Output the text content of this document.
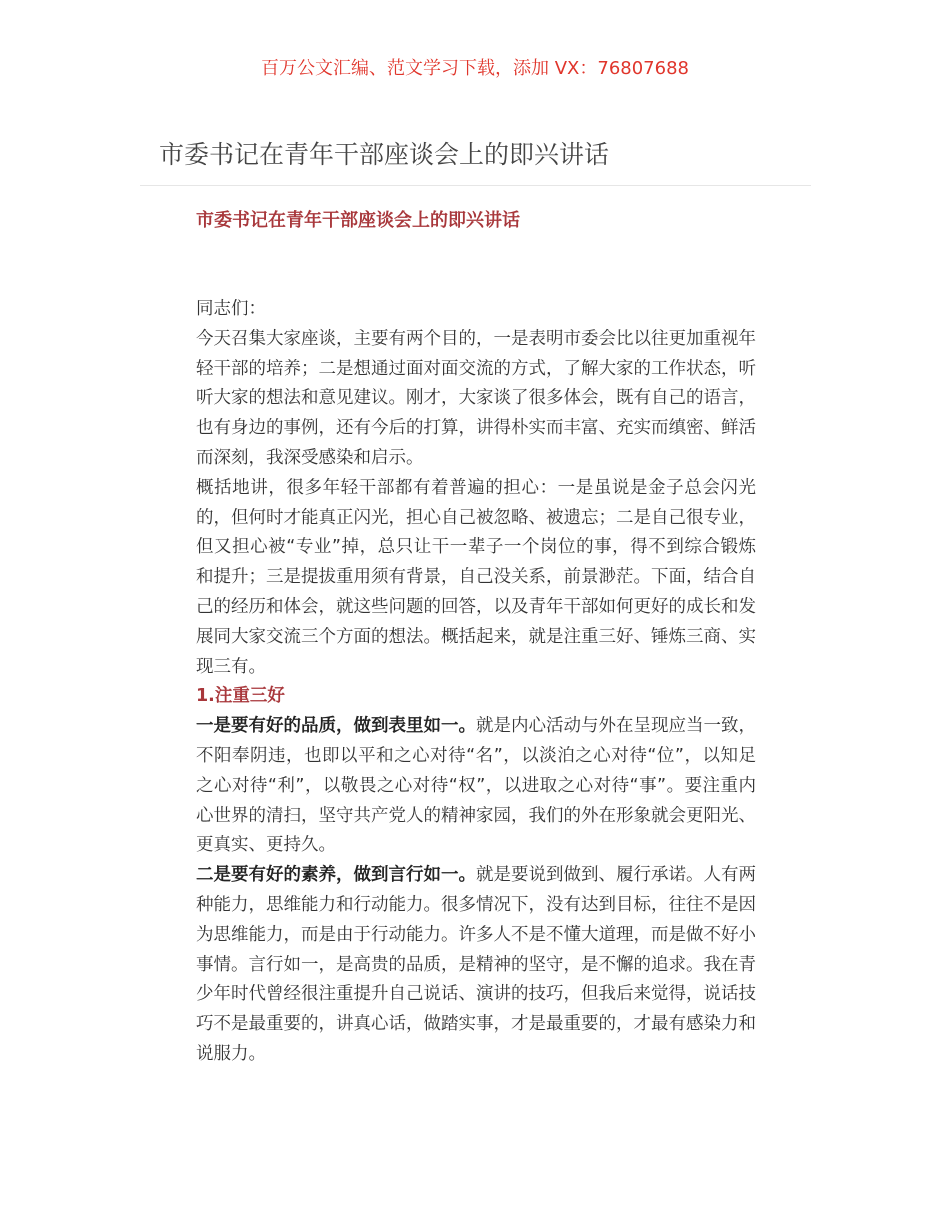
百万公文汇编、范文学习下载，添加 VX：76807688
市委书记在青年干部座谈会上的即兴讲话

市委书记在青年干部座谈会上的即兴讲话

同志们：

今天召集大家座谈，主要有两个目的，一是表明市委会比以往更加重视年轻干部的培养；二是想通过面对面交流的方式，了解大家的工作状态，听听大家的想法和意见建议。刚才，大家谈了很多体会，既有自己的语言，也有身边的事例，还有今后的打算，讲得朴实而丰富、充实而缜密、鲜活而深刻，我深受感染和启示。

概括地讲，很多年轻干部都有着普遍的担心：一是虽说是金子总会闪光的，但何时才能真正闪光，担心自己被忽略、被遗忘；二是自己很专业，但又担心被“专业”掉，总只让干一辈子一个岗位的事，得不到综合锻炼和提升；三是提拔重用须有背景，自己没关系，前景渺茫。下面，结合自己的经历和体会，就这些问题的回答，以及青年干部如何更好的成长和发展同大家交流三个方面的想法。概括起来，就是注重三好、锤炼三商、实现三有。

1.注重三好

一是要有好的品质，做到表里如一。就是内心活动与外在呈现应当一致，不阳奉阴违，也即以平和之心对待“名”，以淡泊之心对待“位”，以知足之心对待“利”，以敬畏之心对待“权”，以进取之心对待“事”。要注重内心世界的清扫，坚守共产党人的精神家园，我们的外在形象就会更阳光、更真实、更持久。

二是要有好的素养，做到言行如一。就是要说到做到、履行承诺。人有两种能力，思维能力和行动能力。很多情况下，没有达到目标，往往不是因为思维能力，而是由于行动能力。许多人不是不懂大道理，而是做不好小事情。言行如一，是高贵的品质，是精神的坚守，是不懈的追求。我在青少年时代曾经很注重提升自己说话、演讲的技巧，但我后来觉得，说话技巧不是最重要的，讲真心话，做踏实事，才是最重要的，才最有感染力和说服力。
